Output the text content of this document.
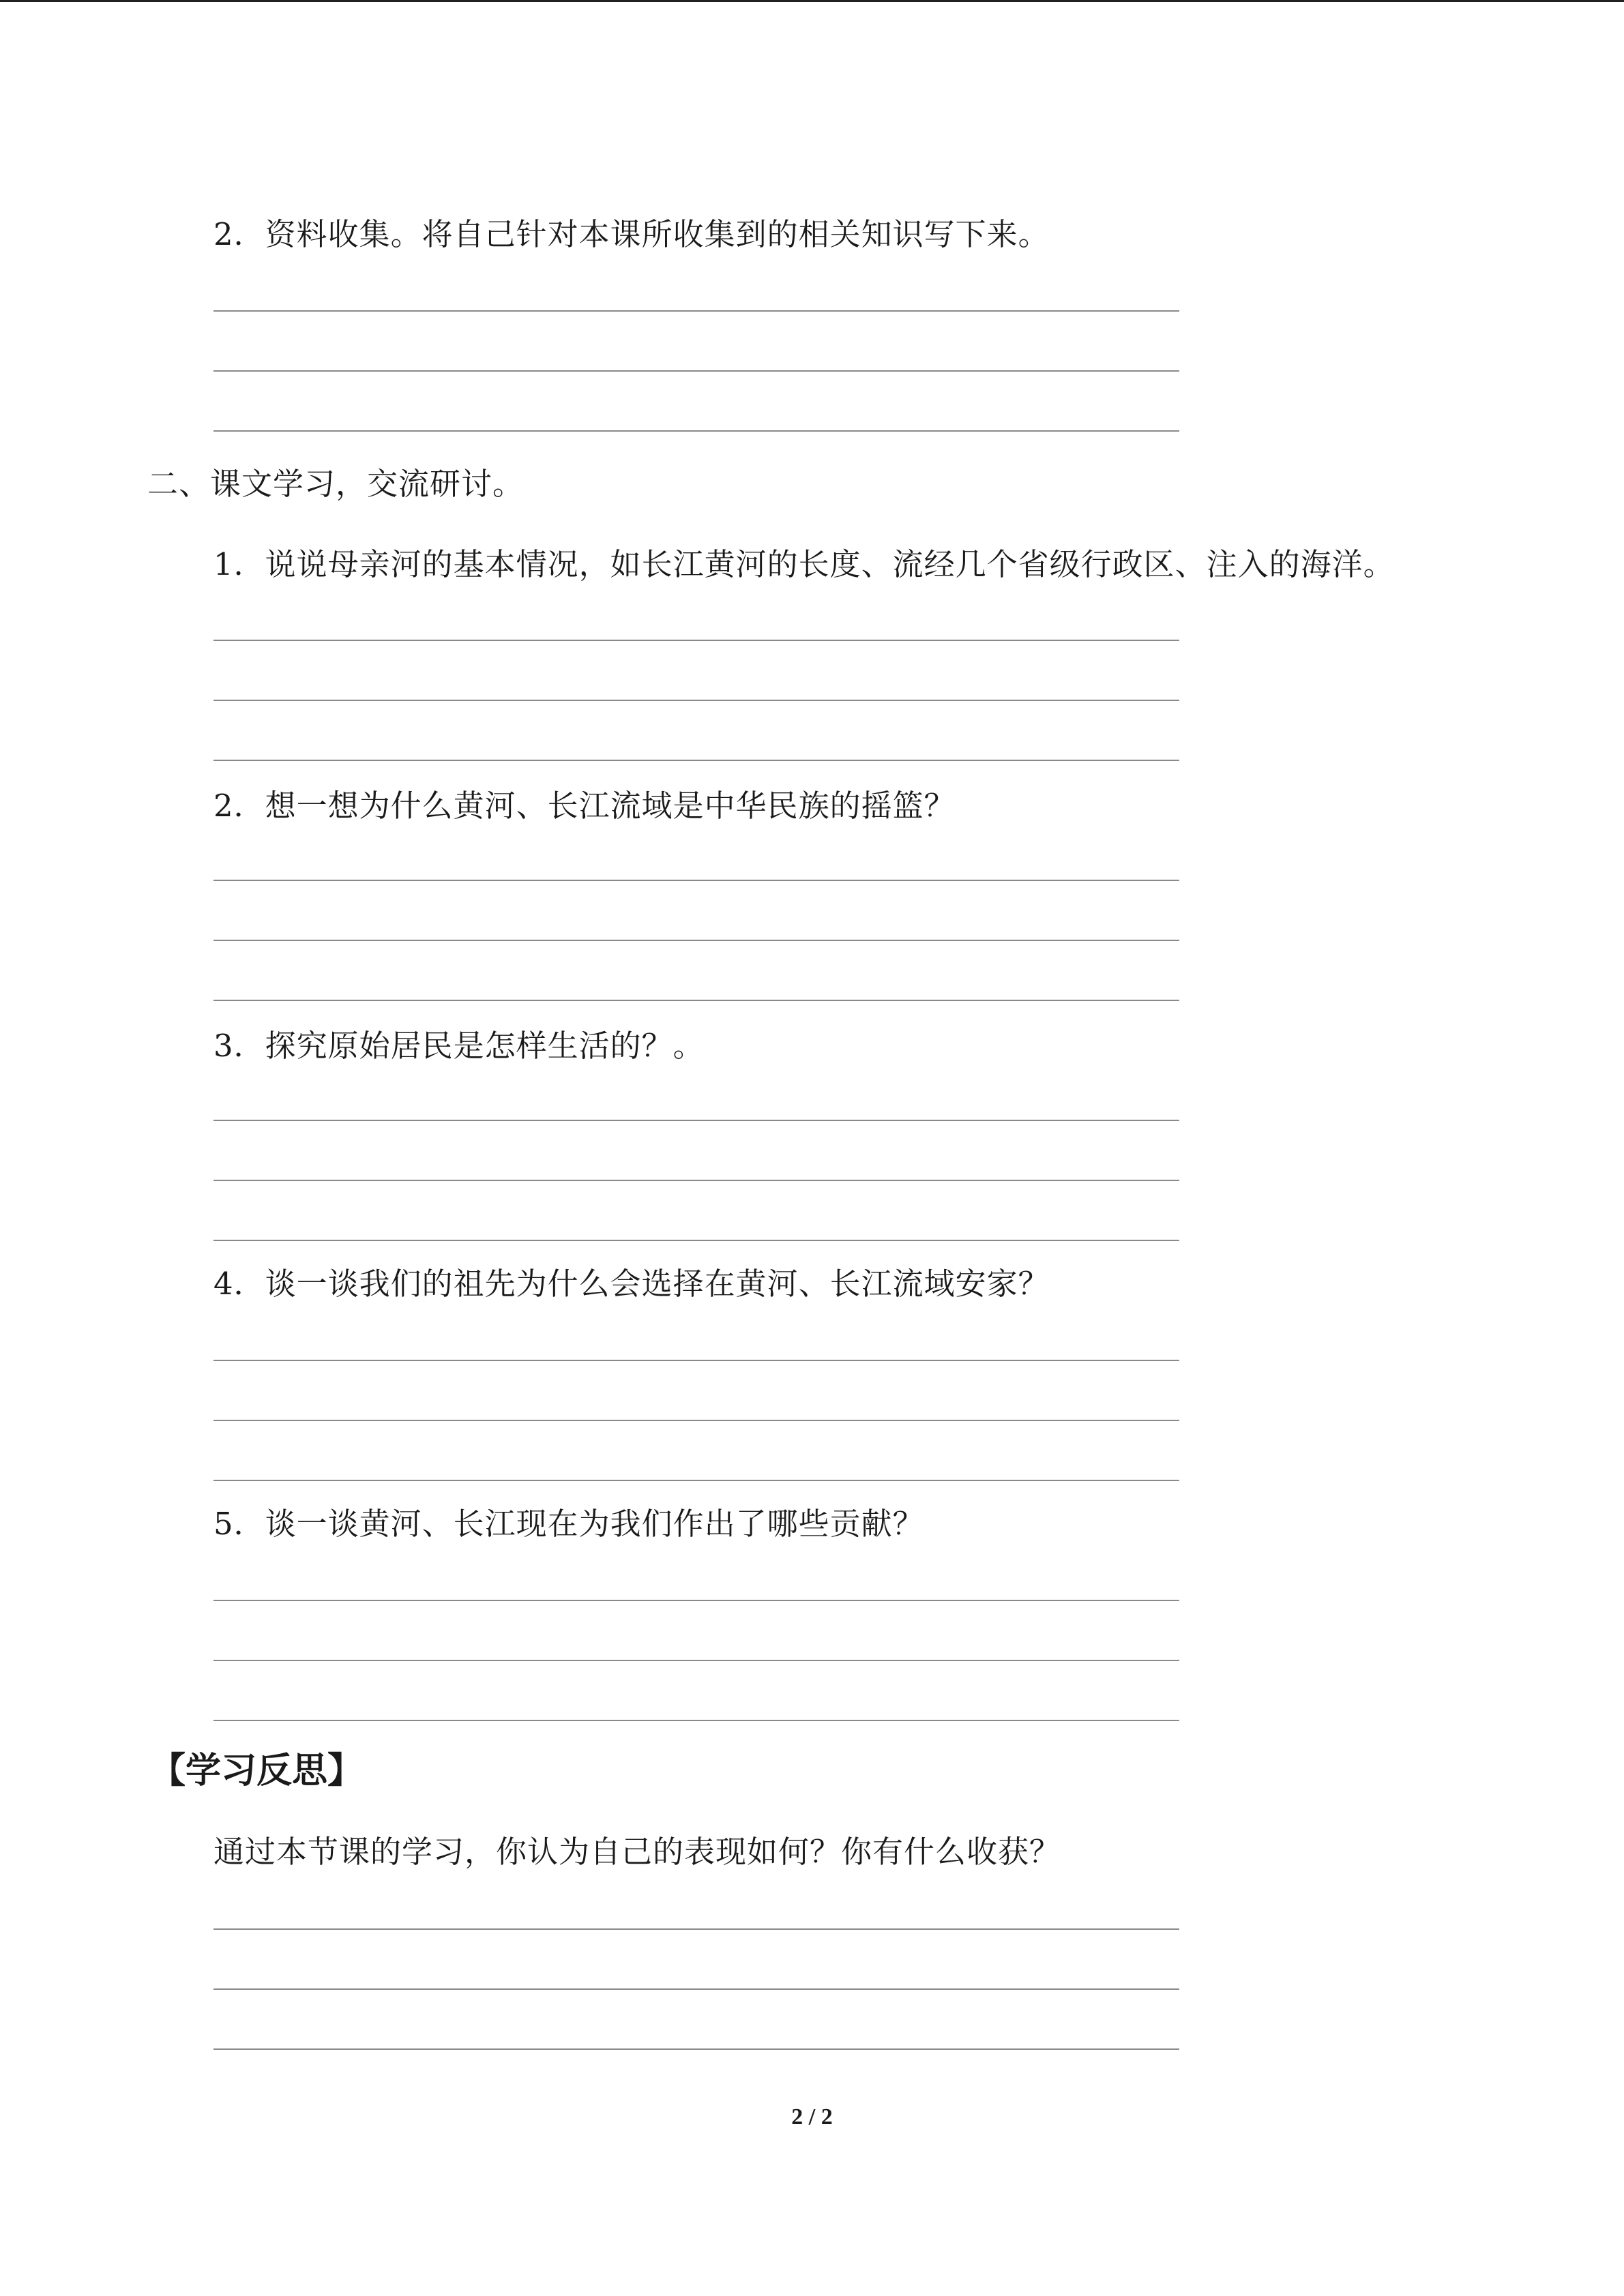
2．资料收集。将自己针对本课所收集到的相关知识写下来。
二、课文学习，交流研讨。
1．说说母亲河的基本情况，如长江黄河的长度、流经几个省级行政区、注入的海洋。
2．想一想为什么黄河、长江流域是中华民族的摇篮？
3．探究原始居民是怎样生活的？。
4．谈一谈我们的祖先为什么会选择在黄河、长江流域安家？
5．谈一谈黄河、长江现在为我们作出了哪些贡献？
【学习反思】
通过本节课的学习，你认为自己的表现如何？你有什么收获？
2 / 2
